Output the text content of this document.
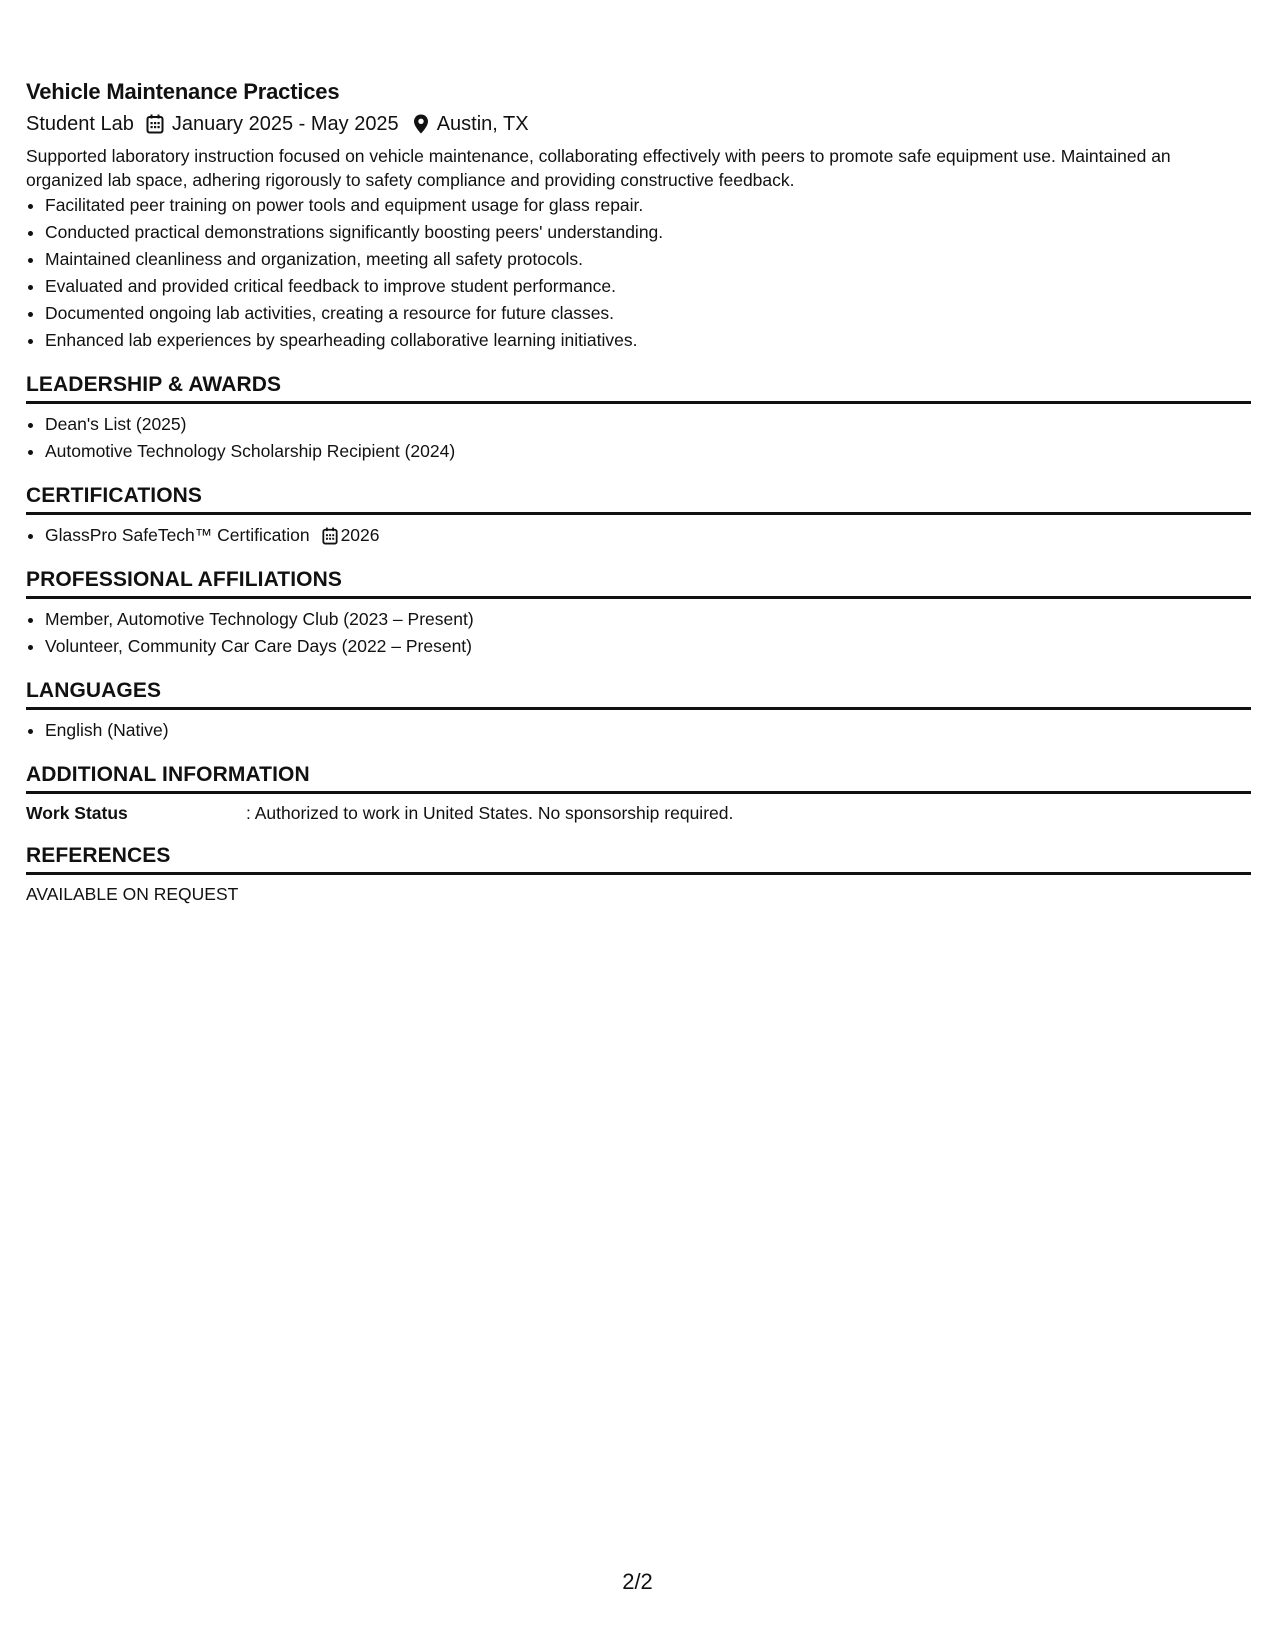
Vehicle Maintenance Practices
Student Lab January 2025 - May 2025 Austin, TX

Supported laboratory instruction focused on vehicle maintenance, collaborating effectively with peers to promote safe equipment use. Maintained an organized lab space, adhering rigorously to safety compliance and providing constructive feedback.

• Facilitated peer training on power tools and equipment usage for glass repair.
• Conducted practical demonstrations significantly boosting peers' understanding.
• Maintained cleanliness and organization, meeting all safety protocols.
• Evaluated and provided critical feedback to improve student performance.
• Documented ongoing lab activities, creating a resource for future classes.
• Enhanced lab experiences by spearheading collaborative learning initiatives.
LEADERSHIP & AWARDS
• Dean's List (2025)
• Automotive Technology Scholarship Recipient (2024)
CERTIFICATIONS
• GlassPro SafeTech™ Certification 2026
PROFESSIONAL AFFILIATIONS
• Member, Automotive Technology Club (2023 – Present)
• Volunteer, Community Car Care Days (2022 – Present)
LANGUAGES
• English (Native)
ADDITIONAL INFORMATION
Work Status	: Authorized to work in United States. No sponsorship required.
REFERENCES
AVAILABLE ON REQUEST
2/2
